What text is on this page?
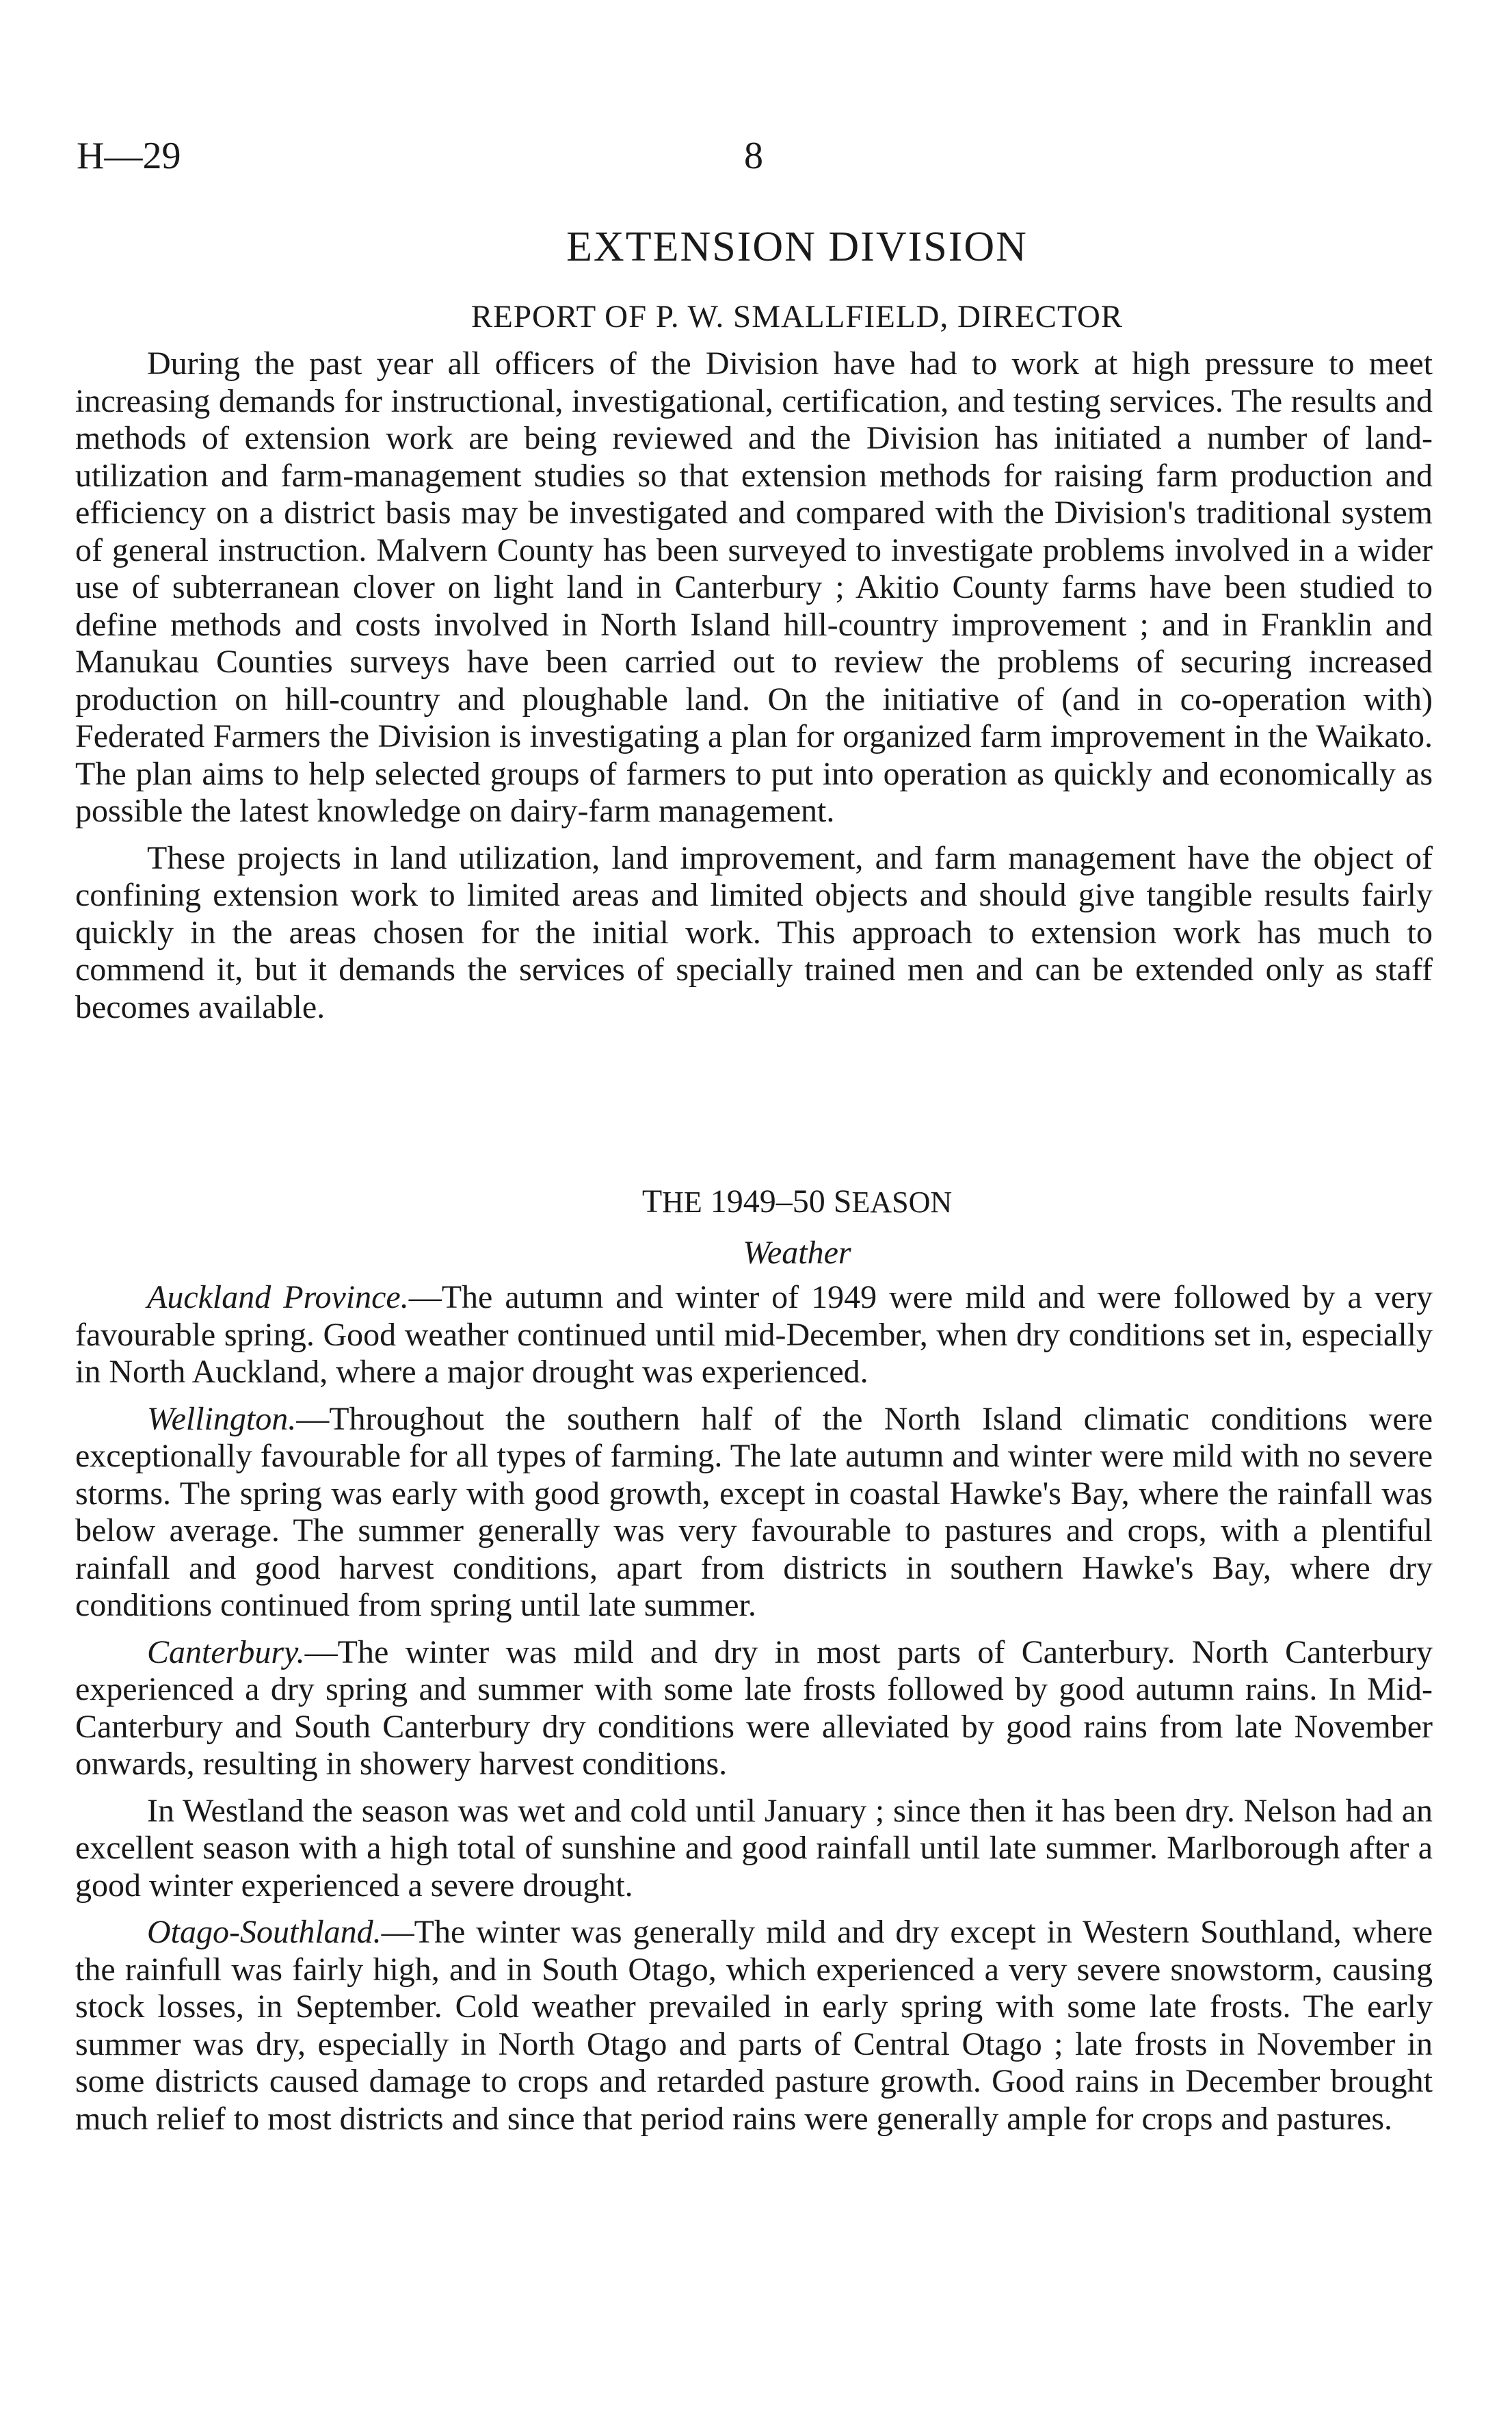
H—29	8
EXTENSION DIVISION
REPORT OF P. W. SMALLFIELD, DIRECTOR

During the past year all officers of the Division have had to work at high pressure to meet increasing demands for instructional, investigational, certification, and testing services. The results and methods of extension work are being reviewed and the Division has initiated a number of land-utilization and farm-management studies so that extension methods for raising farm production and efficiency on a district basis may be investigated and compared with the Division's traditional system of general instruction. Malvern County has been surveyed to investigate problems involved in a wider use of subterranean clover on light land in Canterbury ; Akitio County farms have been studied to define methods and costs involved in North Island hill-country improvement ; and in Franklin and Manukau Counties surveys have been carried out to review the problems of securing increased production on hill-country and ploughable land. On the initiative of (and in co-operation with) Federated Farmers the Division is investigating a plan for organized farm improvement in the Waikato. The plan aims to help selected groups of farmers to put into operation as quickly and economically as possible the latest knowledge on dairy-farm management.

These projects in land utilization, land improvement, and farm management have the object of confining extension work to limited areas and limited objects and should give tangible results fairly quickly in the areas chosen for the initial work. This approach to extension work has much to commend it, but it demands the services of specially trained men and can be extended only as staff becomes available.

THE 1949–50 SEASON
Weather

Auckland Province.—The autumn and winter of 1949 were mild and were followed by a very favourable spring. Good weather continued until mid-December, when dry conditions set in, especially in North Auckland, where a major drought was experienced.

Wellington.—Throughout the southern half of the North Island climatic conditions were exceptionally favourable for all types of farming. The late autumn and winter were mild with no severe storms. The spring was early with good growth, except in coastal Hawke's Bay, where the rainfall was below average. The summer generally was very favourable to pastures and crops, with a plentiful rainfall and good harvest conditions, apart from districts in southern Hawke's Bay, where dry conditions continued from spring until late summer.

Canterbury.—The winter was mild and dry in most parts of Canterbury. North Canterbury experienced a dry spring and summer with some late frosts followed by good autumn rains. In Mid-Canterbury and South Canterbury dry conditions were alleviated by good rains from late November onwards, resulting in showery harvest conditions.

In Westland the season was wet and cold until January ; since then it has been dry. Nelson had an excellent season with a high total of sunshine and good rainfall until late summer. Marlborough after a good winter experienced a severe drought.

Otago-Southland.—The winter was generally mild and dry except in Western Southland, where the rainfull was fairly high, and in South Otago, which experienced a very severe snowstorm, causing stock losses, in September. Cold weather prevailed in early spring with some late frosts. The early summer was dry, especially in North Otago and parts of Central Otago ; late frosts in November in some districts caused damage to crops and retarded pasture growth. Good rains in December brought much relief to most districts and since that period rains were generally ample for crops and pastures.
